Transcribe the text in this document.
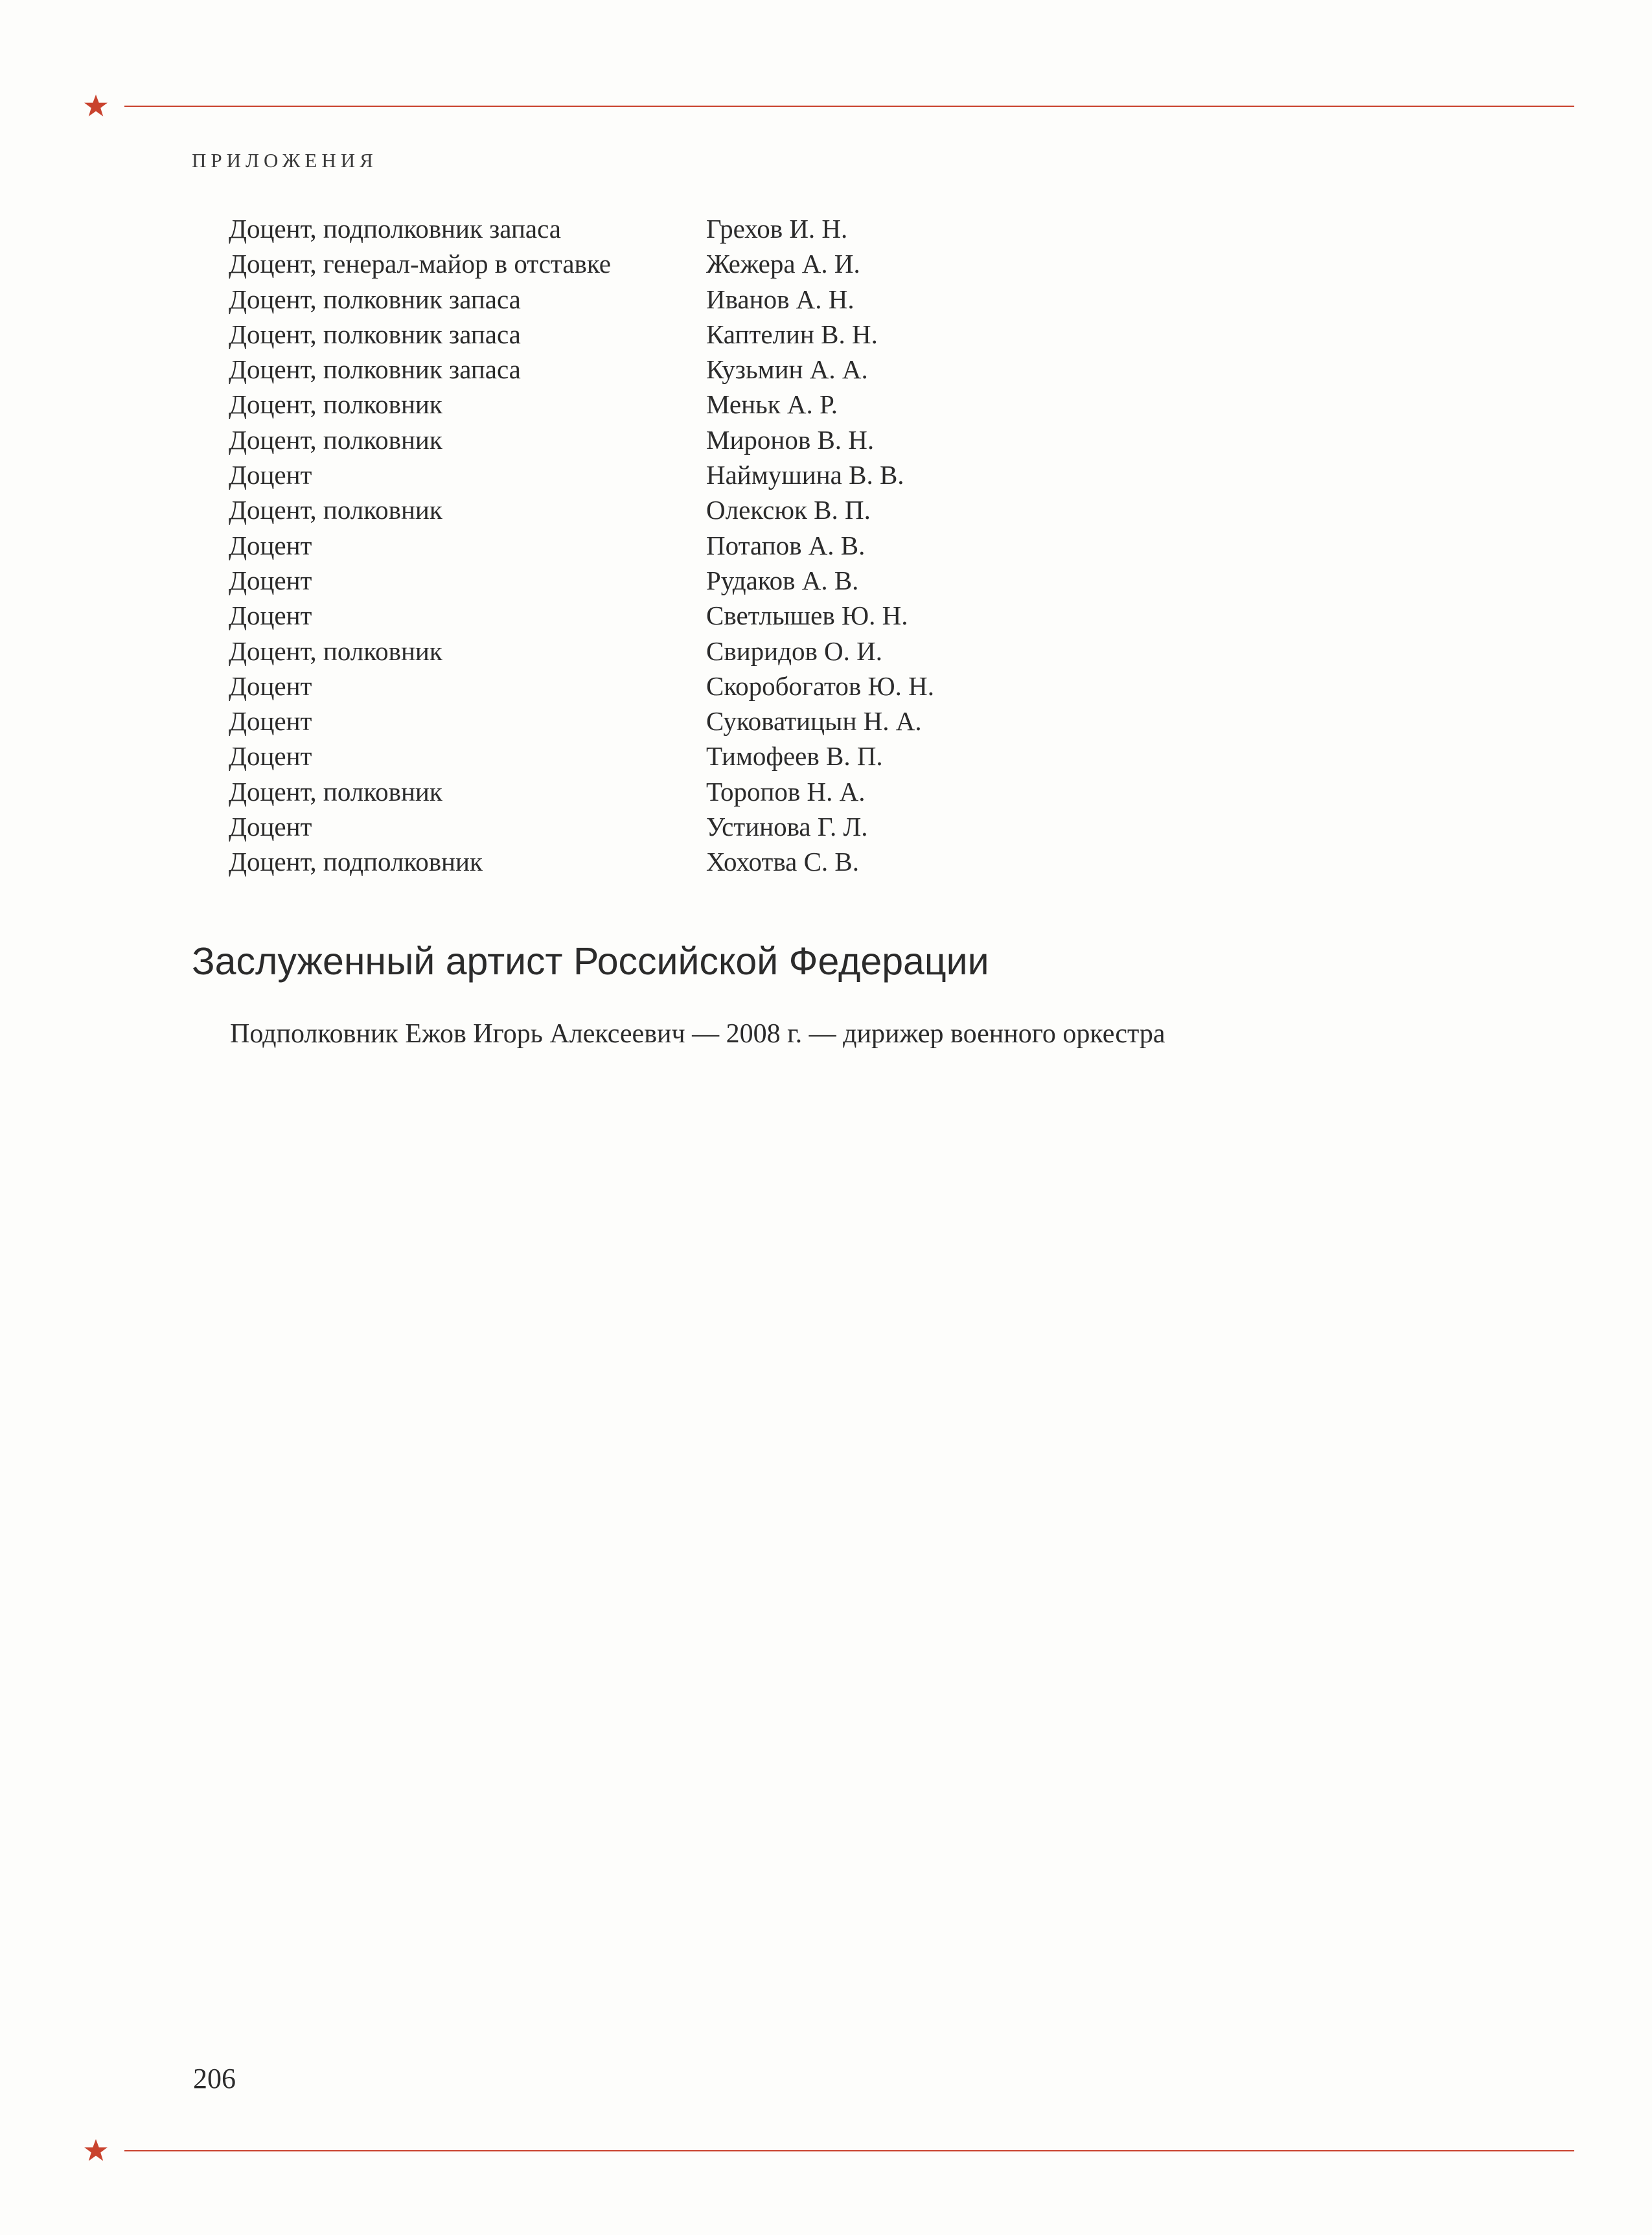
ПРИЛОЖЕНИЯ
Доцент, подполковник запаса	Грехов И. Н.
Доцент, генерал-майор в отставке	Жежера А. И.
Доцент, полковник запаса	Иванов А. Н.
Доцент, полковник запаса	Каптелин В. Н.
Доцент, полковник запаса	Кузьмин А. А.
Доцент, полковник	Меньк А. Р.
Доцент, полковник	Миронов В. Н.
Доцент	Наймушина В. В.
Доцент, полковник	Олексюк В. П.
Доцент	Потапов А. В.
Доцент	Рудаков А. В.
Доцент	Светлышев Ю. Н.
Доцент, полковник	Свиридов О. И.
Доцент	Скоробогатов Ю. Н.
Доцент	Суковатицын Н. А.
Доцент	Тимофеев В. П.
Доцент, полковник	Торопов Н. А.
Доцент	Устинова Г. Л.
Доцент, подполковник	Хохотва С. В.
Заслуженный артист Российской Федерации
Подполковник Ежов Игорь Алексеевич — 2008 г. — дирижер военного оркестра
206
